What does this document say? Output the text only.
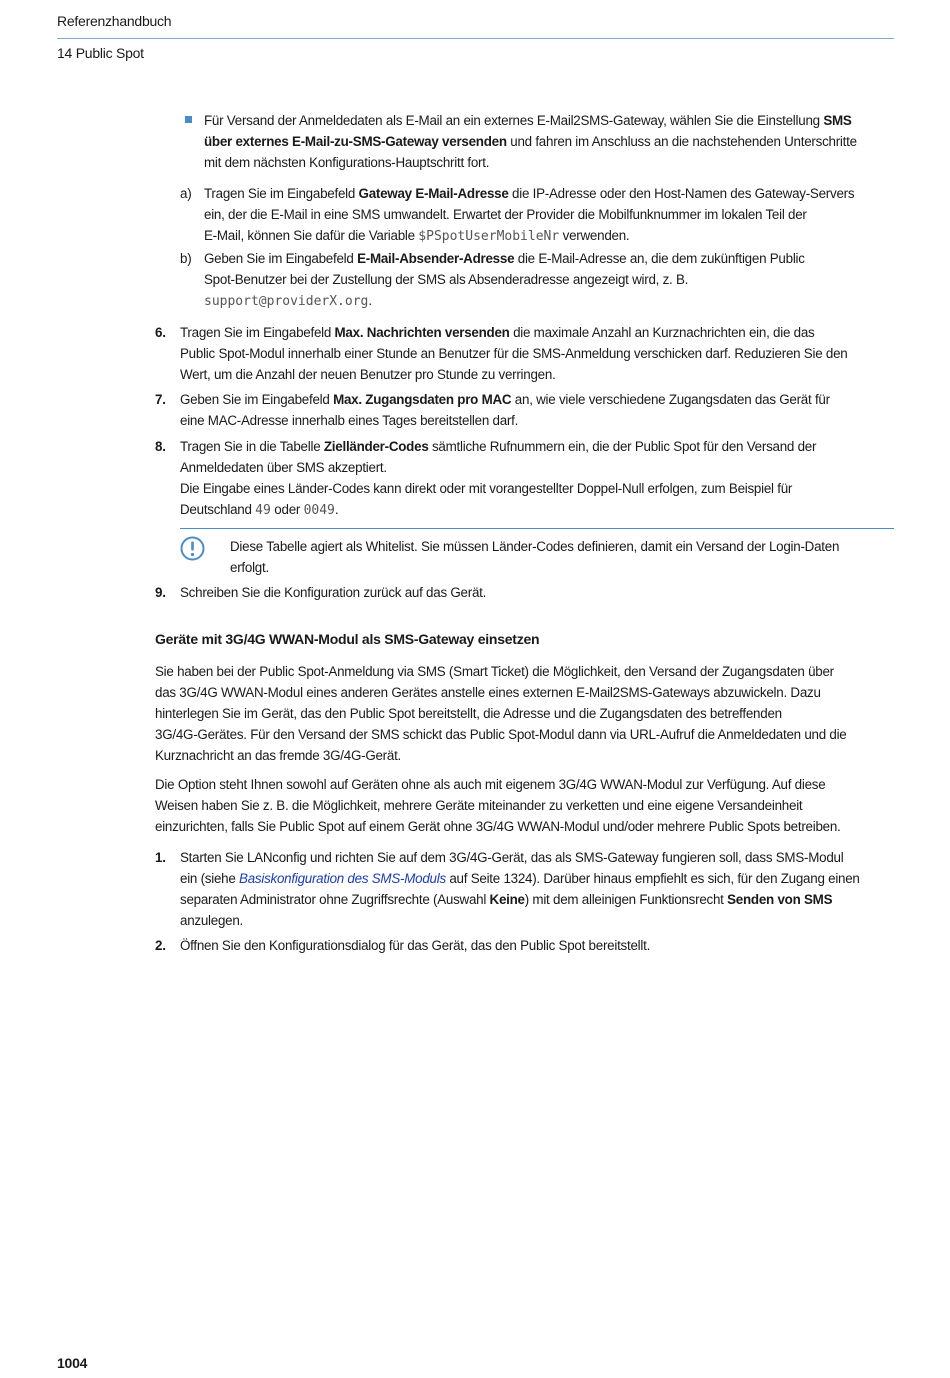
Referenzhandbuch
14 Public Spot
Für Versand der Anmeldedaten als E-Mail an ein externes E-Mail2SMS-Gateway, wählen Sie die Einstellung SMS
über externes E-Mail-zu-SMS-Gateway versenden und fahren im Anschluss an die nachstehenden Unterschritte
mit dem nächsten Konfigurations-Hauptschritt fort.
a) Tragen Sie im Eingabefeld Gateway E-Mail-Adresse die IP-Adresse oder den Host-Namen des Gateway-Servers
ein, der die E-Mail in eine SMS umwandelt. Erwartet der Provider die Mobilfunknummer im lokalen Teil der
E-Mail, können Sie dafür die Variable $PSpotUserMobileNr verwenden.
b) Geben Sie im Eingabefeld E-Mail-Absender-Adresse die E-Mail-Adresse an, die dem zukünftigen Public
Spot-Benutzer bei der Zustellung der SMS als Absenderadresse angezeigt wird, z. B.
support@providerX.org.
6. Tragen Sie im Eingabefeld Max. Nachrichten versenden die maximale Anzahl an Kurznachrichten ein, die das
Public Spot-Modul innerhalb einer Stunde an Benutzer für die SMS-Anmeldung verschicken darf. Reduzieren Sie den
Wert, um die Anzahl der neuen Benutzer pro Stunde zu verringen.
7. Geben Sie im Eingabefeld Max. Zugangsdaten pro MAC an, wie viele verschiedene Zugangsdaten das Gerät für
eine MAC-Adresse innerhalb eines Tages bereitstellen darf.
8. Tragen Sie in die Tabelle Zielländer-Codes sämtliche Rufnummern ein, die der Public Spot für den Versand der
Anmeldedaten über SMS akzeptiert.
Die Eingabe eines Länder-Codes kann direkt oder mit vorangestellter Doppel-Null erfolgen, zum Beispiel für
Deutschland 49 oder 0049.
Diese Tabelle agiert als Whitelist. Sie müssen Länder-Codes definieren, damit ein Versand der Login-Daten
erfolgt.
9. Schreiben Sie die Konfiguration zurück auf das Gerät.
Geräte mit 3G/4G WWAN-Modul als SMS-Gateway einsetzen
Sie haben bei der Public Spot-Anmeldung via SMS (Smart Ticket) die Möglichkeit, den Versand der Zugangsdaten über
das 3G/4G WWAN-Modul eines anderen Gerätes anstelle eines externen E-Mail2SMS-Gateways abzuwickeln. Dazu
hinterlegen Sie im Gerät, das den Public Spot bereitstellt, die Adresse und die Zugangsdaten des betreffenden
3G/4G-Gerätes. Für den Versand der SMS schickt das Public Spot-Modul dann via URL-Aufruf die Anmeldedaten und die
Kurznachricht an das fremde 3G/4G-Gerät.
Die Option steht Ihnen sowohl auf Geräten ohne als auch mit eigenem 3G/4G WWAN-Modul zur Verfügung. Auf diese
Weisen haben Sie z. B. die Möglichkeit, mehrere Geräte miteinander zu verketten und eine eigene Versandeinheit
einzurichten, falls Sie Public Spot auf einem Gerät ohne 3G/4G WWAN-Modul und/oder mehrere Public Spots betreiben.
1. Starten Sie LANconfig und richten Sie auf dem 3G/4G-Gerät, das als SMS-Gateway fungieren soll, dass SMS-Modul
ein (siehe Basiskonfiguration des SMS-Moduls auf Seite 1324). Darüber hinaus empfiehlt es sich, für den Zugang einen
separaten Administrator ohne Zugriffsrechte (Auswahl Keine) mit dem alleinigen Funktionsrecht Senden von SMS
anzulegen.
2. Öffnen Sie den Konfigurationsdialog für das Gerät, das den Public Spot bereitstellt.
1004
